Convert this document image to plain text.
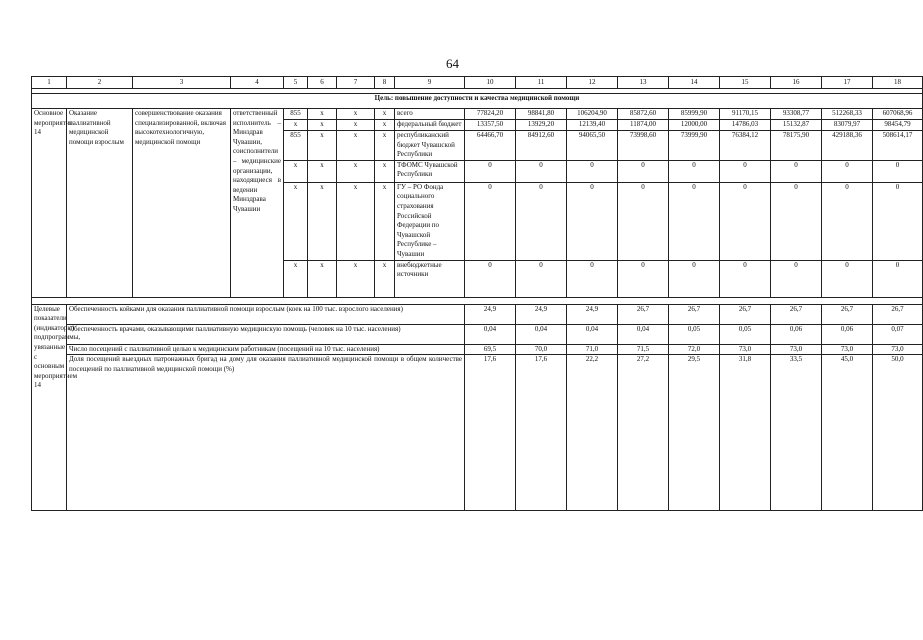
64
1	2	3	4	5	6	7	8	9	10	11	12	13	14	15	16	17	18

Цель: повышение доступности и качества медицинской помощи																	
Основное мероприятие 14	Оказание паллиативной медицинской помощи взрослым	совершенствование оказания специализированной, включая высокотехнологичную, медицинской помощи	ответственный исполнитель – Минздрав Чувашии, соисполнители – медицинские организации, находящиеся в ведении Минздрава Чувашии	855	x	x	x	всего	77824,20	98841,80	106204,90	85872,60	85999,90	91170,15	93308,77	512268,33	607068,96
				x	x	x	x	федеральный бюджет	13357,50	13929,20	12139,40	11874,00	12000,00	14786,03	15132,87	83079,97	98454,79
				855	x	x	x	республиканский бюджет Чувашской Республики	64466,70	84912,60	94065,50	73998,60	73999,90	76384,12	78175,90	429188,36	508614,17
				x	x	x	x	ТФОМС Чувашской Республики	0	0	0	0	0	0	0	0	0
				x	x	x	x	ГУ – РО Фонда социального страхования Российской Федерации по Чувашской Республике – Чувашии	0	0	0	0	0	0	0	0	0
				x	x	x	x	внебюджетные источники	0	0	0	0	0	0	0	0	0

Целевые показатели (индикаторы) подпрограммы, увязанные с основным мероприятием 14	Обеспеченность койками для оказания паллиативной помощи взрослым (коек на 100 тыс. взрослого населения)								24,9	24,9	24,9	26,7	26,7	26,7	26,7	26,7	26,7
	Обеспеченность врачами, оказывающими паллиативную медицинскую помощь (человек на 10 тыс. населения)								0,04	0,04	0,04	0,04	0,05	0,05	0,06	0,06	0,07
	Число посещений с паллиативной целью к медицинским работникам (посещений на 10 тыс. населения)								69,5	70,0	71,0	71,5	72,0	73,0	73,0	73,0	73,0
	Доля посещений выездных патронажных бригад на дому для оказания паллиативной медицинской помощи в общем количестве посещений по паллиативной медицинской помощи (%)								17,6	17,6	22,2	27,2	29,5	31,8	33,5	45,0	50,0
